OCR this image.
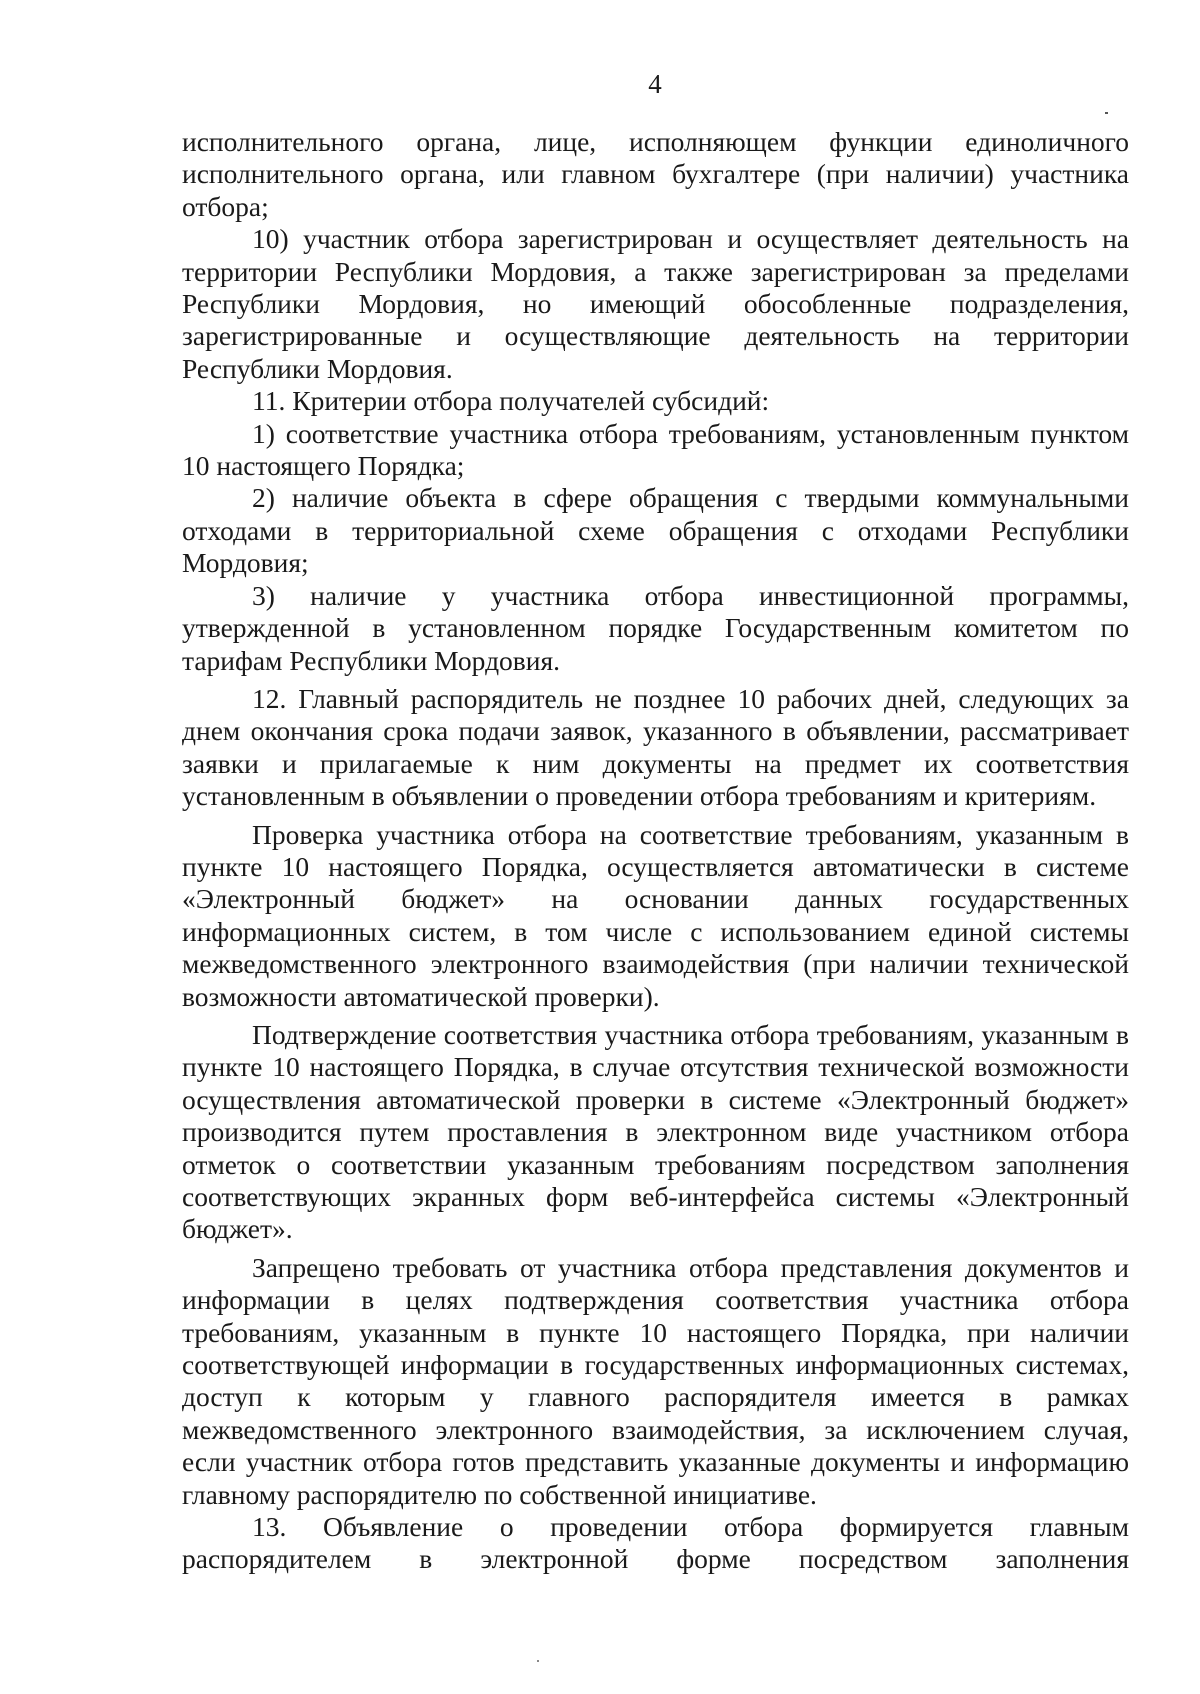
4

исполнительного органа, лице, исполняющем функции единоличного исполнительного органа, или главном бухгалтере (при наличии) участника отбора;

10) участник отбора зарегистрирован и осуществляет деятельность на территории Республики Мордовия, а также зарегистрирован за пределами Республики Мордовия, но имеющий обособленные подразделения, зарегистрированные и осуществляющие деятельность на территории Республики Мордовия.

11. Критерии отбора получателей субсидий:

1) соответствие участника отбора требованиям, установленным пунктом 10 настоящего Порядка;

2) наличие объекта в сфере обращения с твердыми коммунальными отходами в территориальной схеме обращения с отходами Республики Мордовия;

3) наличие у участника отбора инвестиционной программы, утвержденной в установленном порядке Государственным комитетом по тарифам Республики Мордовия.

12. Главный распорядитель не позднее 10 рабочих дней, следующих за днем окончания срока подачи заявок, указанного в объявлении, рассматривает заявки и прилагаемые к ним документы на предмет их соответствия установленным в объявлении о проведении отбора требованиям и критериям.

Проверка участника отбора на соответствие требованиям, указанным в пункте 10 настоящего Порядка, осуществляется автоматически в системе «Электронный бюджет» на основании данных государственных информационных систем, в том числе с использованием единой системы межведомственного электронного взаимодействия (при наличии технической возможности автоматической проверки).

Подтверждение соответствия участника отбора требованиям, указанным в пункте 10 настоящего Порядка, в случае отсутствия технической возможности осуществления автоматической проверки в системе «Электронный бюджет» производится путем проставления в электронном виде участником отбора отметок о соответствии указанным требованиям посредством заполнения соответствующих экранных форм веб-интерфейса системы «Электронный бюджет».

Запрещено требовать от участника отбора представления документов и информации в целях подтверждения соответствия участника отбора требованиям, указанным в пункте 10 настоящего Порядка, при наличии соответствующей информации в государственных информационных системах, доступ к которым у главного распорядителя имеется в рамках межведомственного электронного взаимодействия, за исключением случая, если участник отбора готов представить указанные документы и информацию главному распорядителю по собственной инициативе.

13. Объявление о проведении отбора формируется главным распорядителем в электронной форме посредством заполнения
